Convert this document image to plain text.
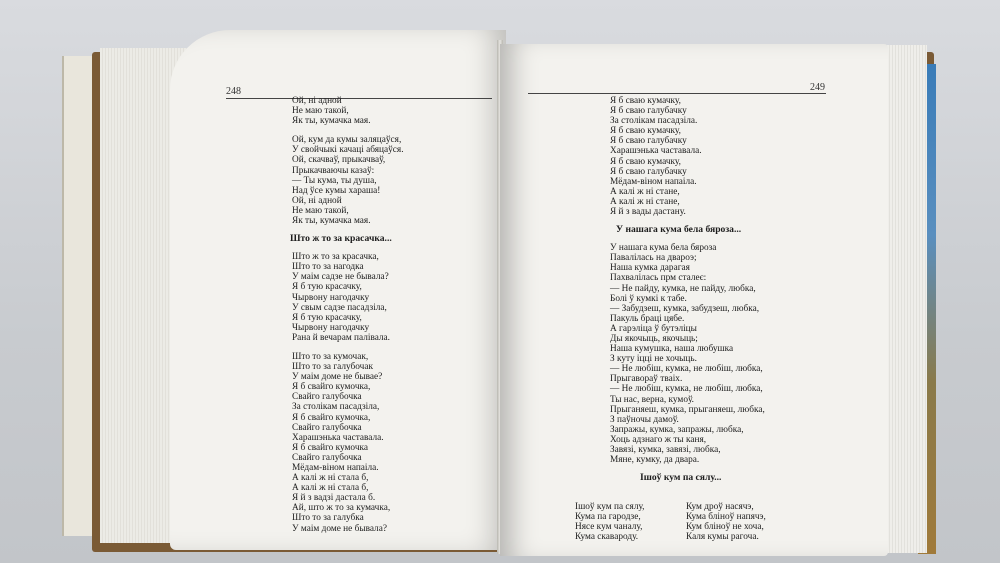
248
Ой, ні адной
Не маю такой,
Як ты, кумачка мая.
Ой, кум да кумы заляцаўся,
У свойчыкі качаці абяцаўся.
Ой, скачваў, прыкачваў,
Прыкачваючы казаў:
— Ты кума, ты душа,
Над ўсе кумы хараша!
Ой, ні адной
Не маю такой,
Як ты, кумачка мая.
Што ж то за красачка...
Што ж то за красачка,
Што то за нагодка
У маім садзе не бывала?
Я б тую красачку,
Чырвону нагодачку
У свым садзе пасадзіла,
Я б тую красачку,
Чырвону нагодачку
Рана й вечарам палівала.
Што то за кумочак,
Што то за галубочак
У маім доме не бывае?
Я б свайго кумочка,
Свайго галубочка
За столікам пасадзіла,
Я б свайго кумочка,
Свайго галубочка
Харашэнька частавала.
Я б свайго кумочка
Свайго галубочка
Мёдам-віном напаіла.
А калі ж ні стала б,
А калі ж ні стала б,
Я й з вадзі дастала б.
Ай, што ж то за кумачка,
Што то за галубка
У маім доме не бывала?
249
Я б сваю кумачку,
Я б сваю галубачку
За столікам пасадзіла.
Я б сваю кумачку,
Я б сваю галубачку
Харашэнька частавала.
Я б сваю кумачку,
Я б сваю галубачку
Мёдам-віном напаіла.
А калі ж ні стане,
А калі ж ні стане,
Я й з вады дастану.
У нашага кума бела бяроза...
У нашага кума бела бяроза
Павалілась на двароэ;
Наша кумка дарагая
Пахвалілась прм сталеє:
— Не пайду, кумка, не пайду, любка,
Болі ў кумкі к табе.
— Забудзеш, кумка, забудзеш, любка,
Пакуль браці цябе.
А гарэліца ў бутэліцы
Ды якочыць, якочыць;
Наша кумушка, наша любушка
З куту іцці не хочыць.
— Не любіш, кумка, не любіш, любка,
Прыгавораў тваіх.
— Не любіш, кумка, не любіш, любка,
Ты нас, верна, кумоў.
Прыганяеш, кумка, прыганяеш, любка,
З паўночы дамоў.
Запражы, кумка, запражы, любка,
Хоць адзнаго ж ты каня,
Завязі, кумка, завязі, любка,
Мяне, кумку, да двара.
Ішоў кум па сялу...
Ішоў кум па сялу,
Кума па гародзе,
Нясе кум чаналу,
Кума скавароду.
Кум дроў насячэ,
Кума бліноў напячэ,
Кум бліноў не хоча,
Каля кумы рагоча.
